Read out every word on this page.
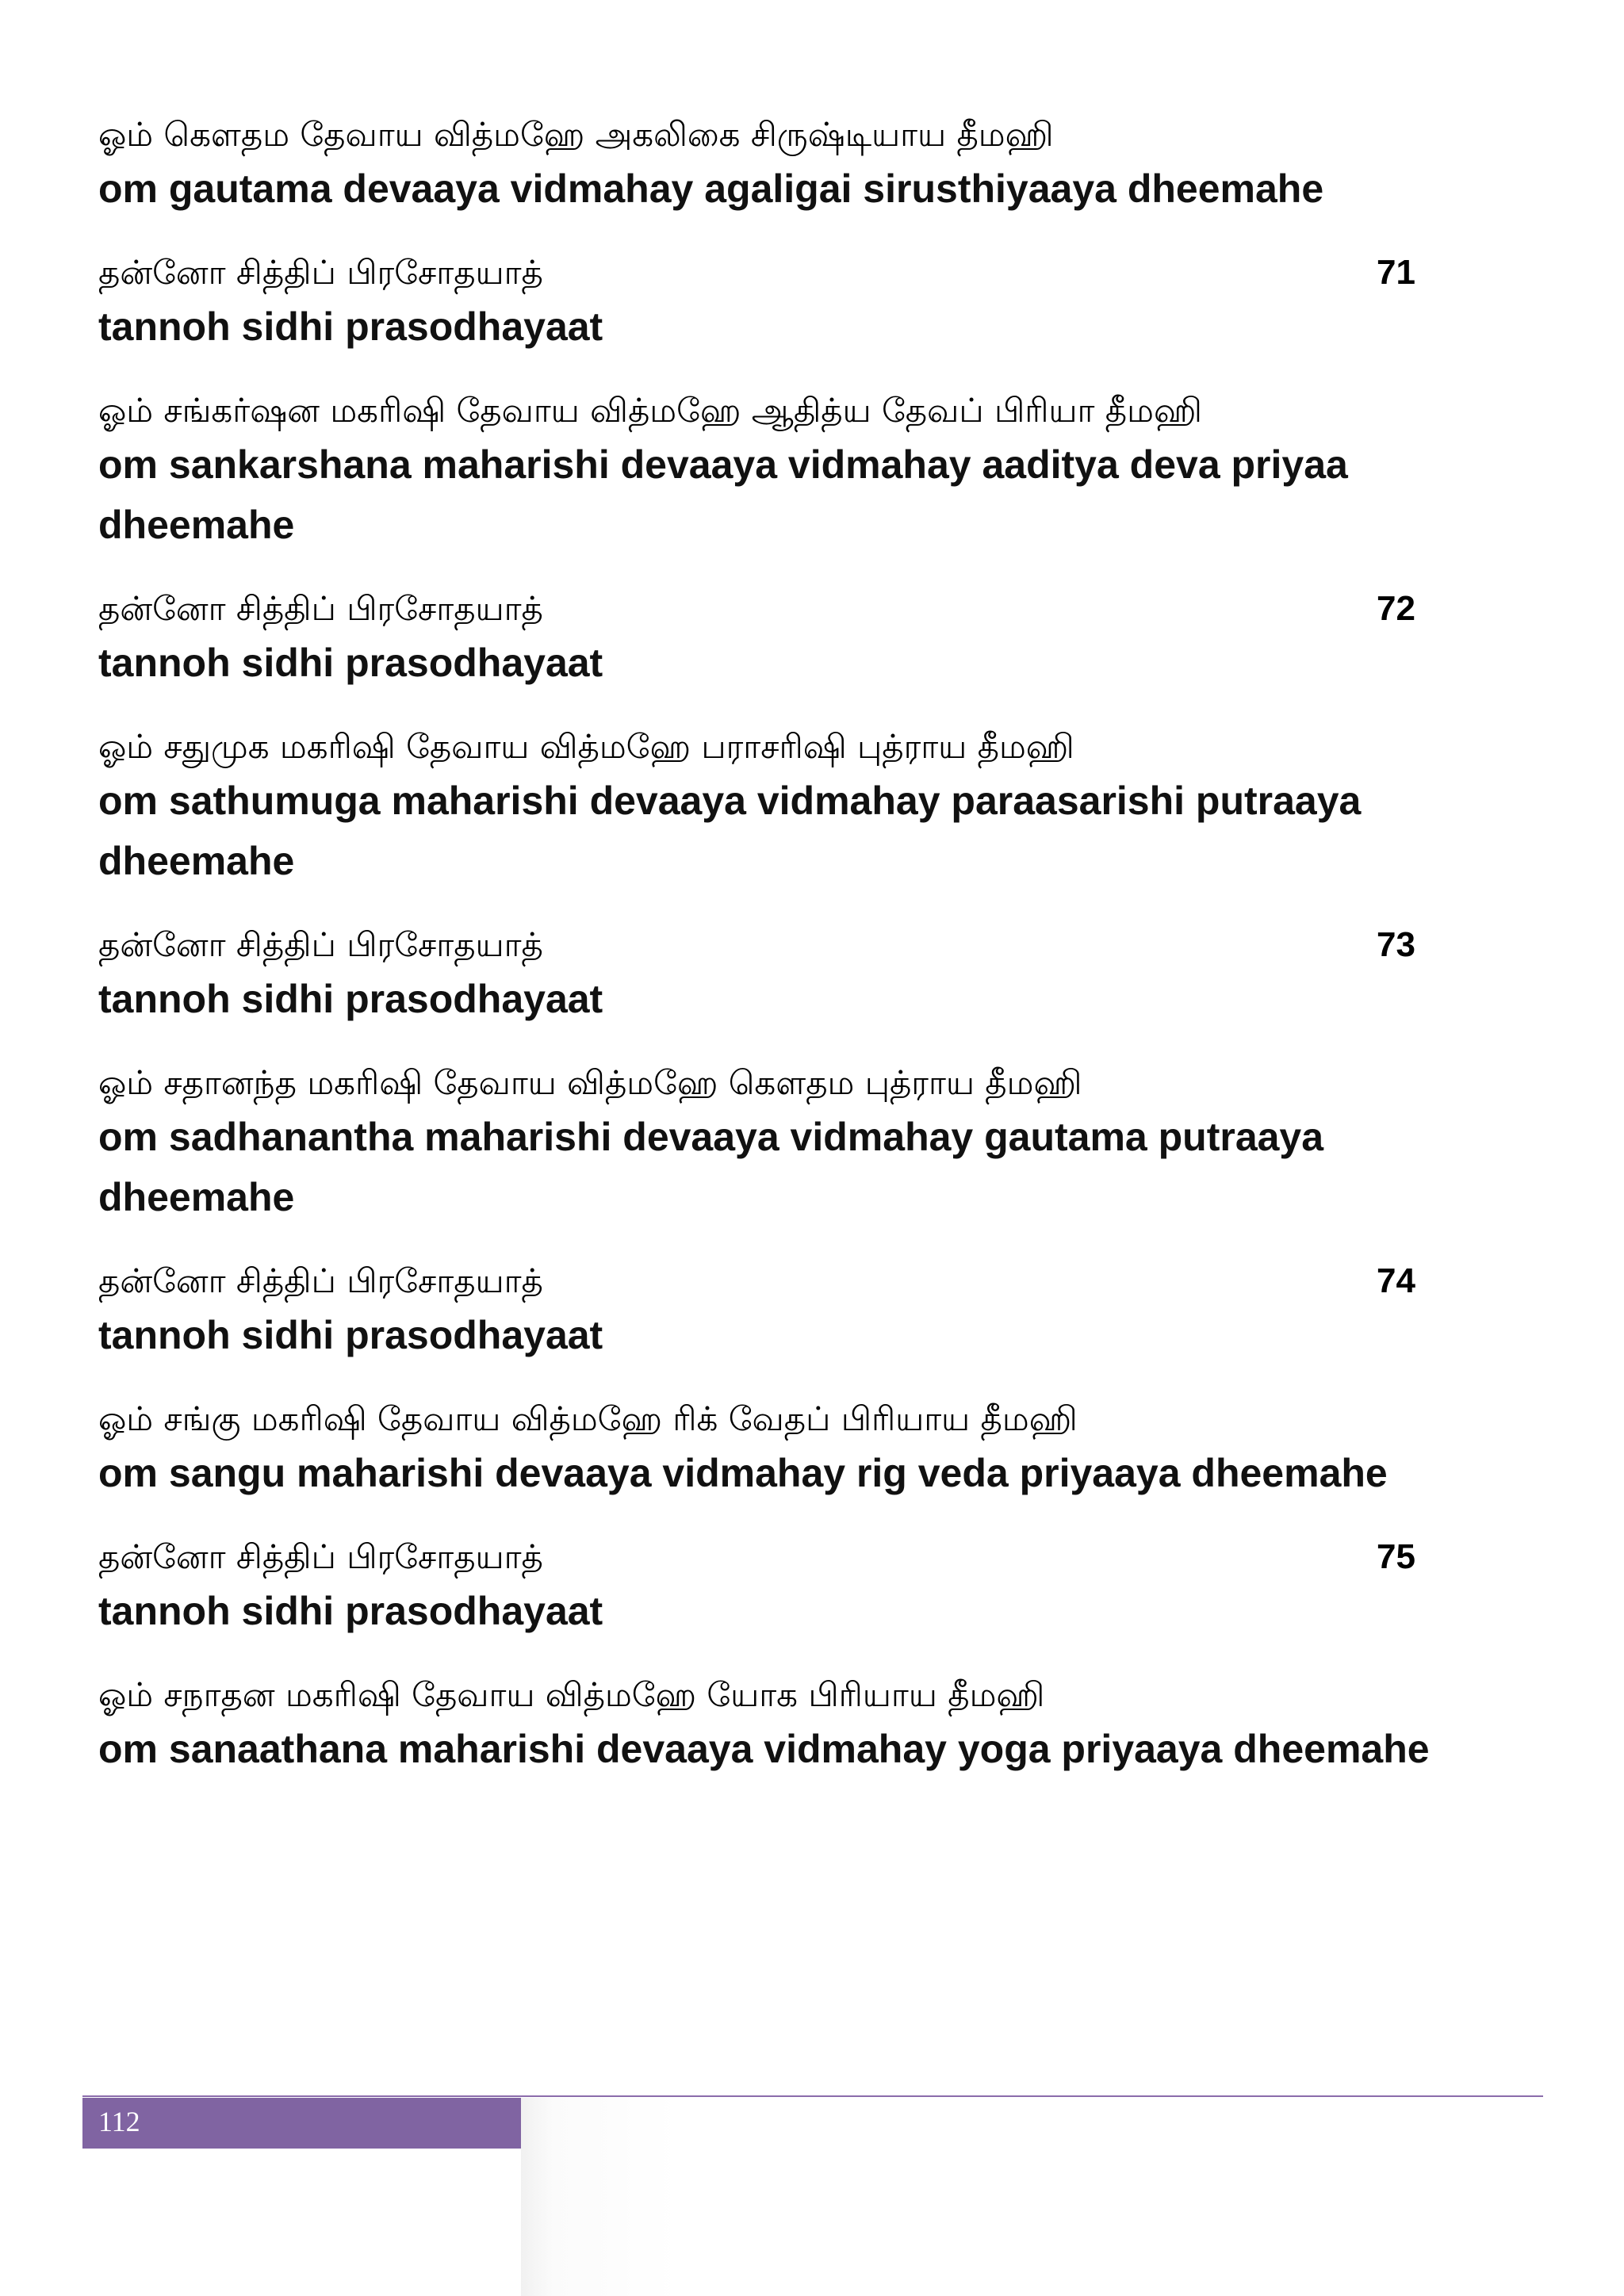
ஓம் கௌதம தேவாய வித்மஹே அகலிகை சிருஷ்டியாய தீமஹி
om gautama devaaya vidmahay agaligai sirusthiyaaya dheemahe
தன்னோ சித்திப் பிரசோதயாத்	71
tannoh sidhi prasodhayaat
ஓம் சங்கர்ஷன மகரிஷி தேவாய வித்மஹே ஆதித்ய தேவப் பிரியா தீமஹி
om sankarshana maharishi devaaya vidmahay aaditya deva priyaa dheemahe
தன்னோ சித்திப் பிரசோதயாத்	72
tannoh sidhi prasodhayaat
ஓம் சதுமுக மகரிஷி தேவாய வித்மஹே பராசரிஷி புத்ராய தீமஹி
om sathumuga maharishi devaaya vidmahay paraasarishi putraaya dheemahe
தன்னோ சித்திப் பிரசோதயாத்	73
tannoh sidhi prasodhayaat
ஓம் சதானந்த மகரிஷி தேவாய வித்மஹே கௌதம புத்ராய தீமஹி
om sadhanantha maharishi devaaya vidmahay gautama putraaya dheemahe
தன்னோ சித்திப் பிரசோதயாத்	74
tannoh sidhi prasodhayaat
ஓம் சங்கு மகரிஷி தேவாய வித்மஹே ரிக் வேதப் பிரியாய தீமஹி
om sangu maharishi devaaya vidmahay rig veda priyaaya dheemahe
தன்னோ சித்திப் பிரசோதயாத்	75
tannoh sidhi prasodhayaat
ஓம் சநாதன மகரிஷி தேவாய வித்மஹே யோக பிரியாய தீமஹி
om sanaathana maharishi devaaya vidmahay yoga priyaaya dheemahe
112
